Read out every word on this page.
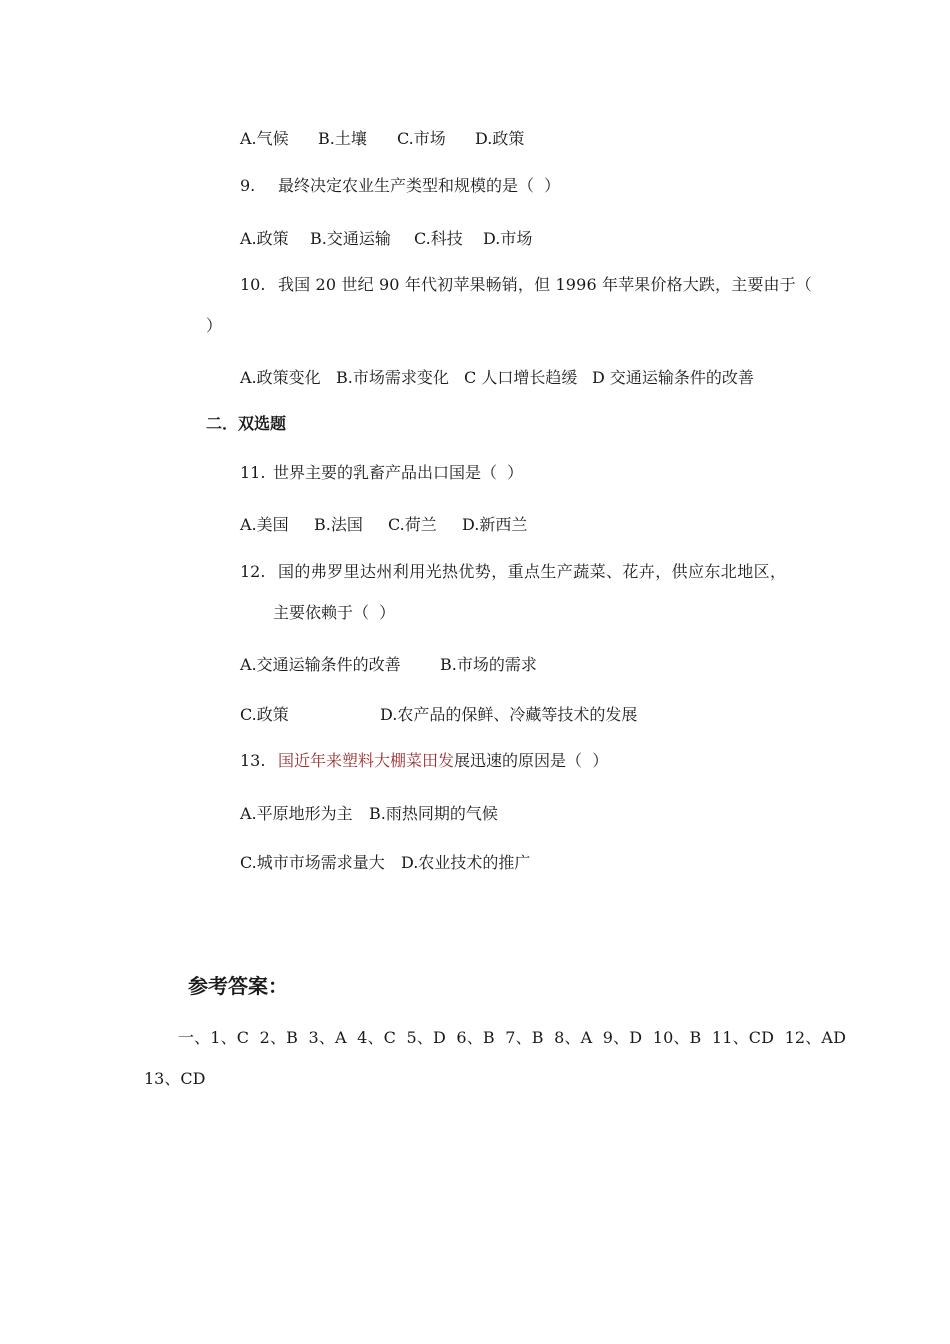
A.气候 B.土壤 C.市场 D.政策
9. 最终决定农业生产类型和规模的是（  ）
A.政策 B.交通运输 C.科技 D.市场
10. 我国 20 世纪 90 年代初苹果畅销，但 1996 年苹果价格大跌，主要由于（
）
A.政策变化 B.市场需求变化 C 人口增长趋缓 D 交通运输条件的改善
二．双选题
11. 世界主要的乳畜产品出口国是（  ）
A.美国 B.法国 C.荷兰 D.新西兰
12. 国的弗罗里达州利用光热优势，重点生产蔬菜、花卉，供应东北地区，
主要依赖于（  ）
A.交通运输条件的改善 B.市场的需求
C.政策	D.农产品的保鲜、冷藏等技术的发展
13. 国近年来塑料大棚菜田发展迅速的原因是（  ）
A.平原地形为主 B.雨热同期的气候
C.城市市场需求量大 D.农业技术的推广
参考答案：
一、1、C  2、B  3、A  4、C  5、D  6、B  7、B  8、A  9、D  10、B  11、CD  12、AD
13、CD
